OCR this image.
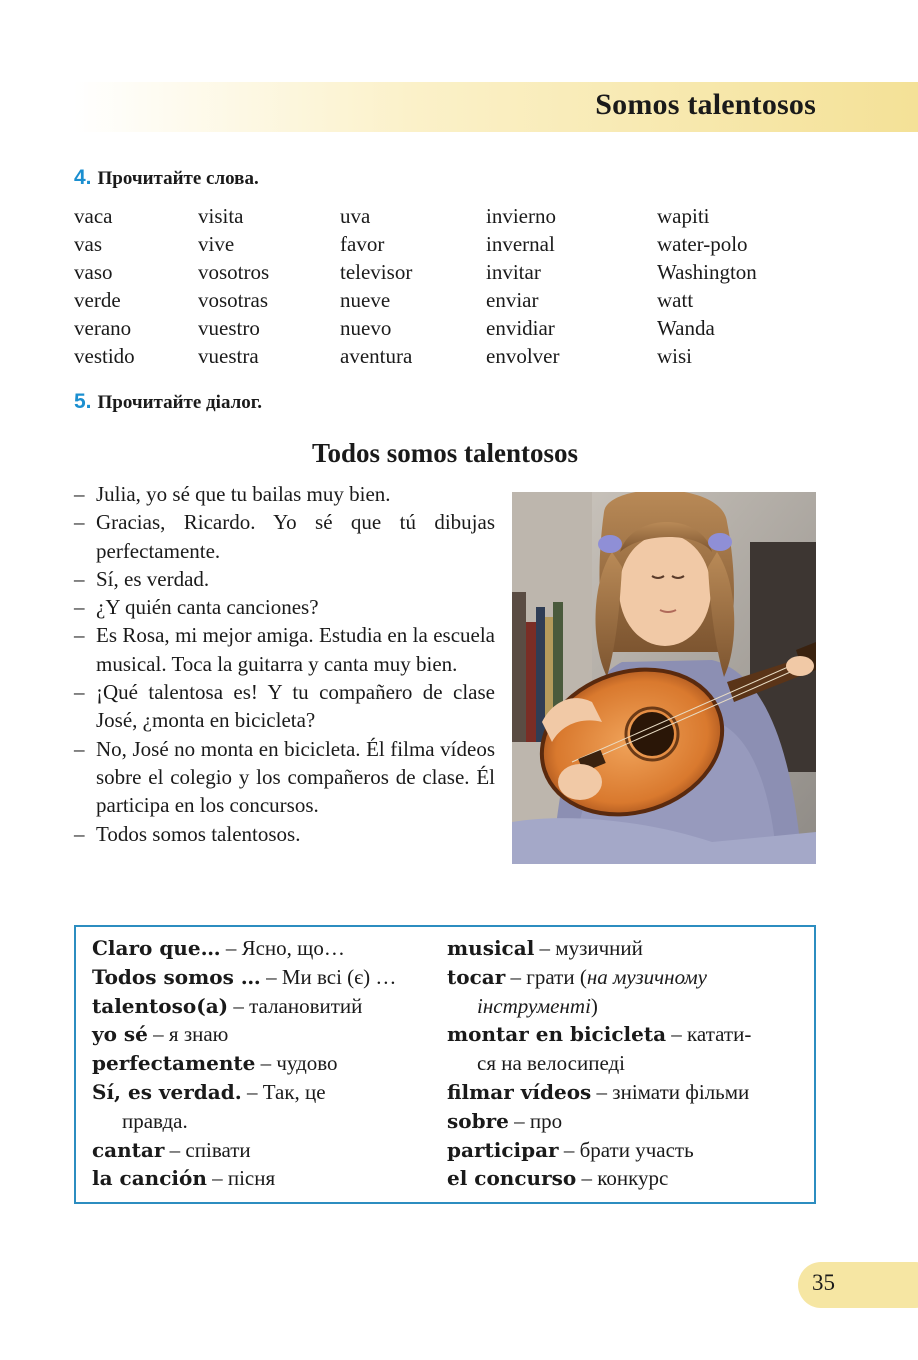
Somos talentosos
4. Прочитайте слова.
vaca
vas
vaso
verde
verano
vestido
visita
vive
vosotros
vosotras
vuestro
vuestra
uva
favor
televisor
nueve
nuevo
aventura
invierno
invernal
invitar
enviar
envidiar
envolver
wapiti
water-polo
Washington
watt
Wanda
wisi
5. Прочитайте діалог.
Todos somos talentosos
– Julia, yo sé que tu bailas muy bien.
– Gracias, Ricardo. Yo sé que tú dibujas perfectamente.
– Sí, es verdad.
– ¿Y quién canta canciones?
– Es Rosa, mi mejor amiga. Estudia en la escuela musical. Toca la guitarra y canta muy bien.
– ¡Qué talentosa es! Y tu compañero de clase José, ¿monta en bicicleta?
– No, José no monta en bicicleta. Él filma vídeos sobre el colegio y los compañeros de clase. Él participa en los concursos.
– Todos somos talentosos.
Claro que… – Ясно, що…
Todos somos … – Ми всі (є) …
talentoso(a) – талановитий
yo sé – я знаю
perfectamente – чудово
Sí, es verdad. – Так, це
правда.
cantar – співати
la canción – пісня
musical – музичний
tocar – грати (на музичному
інструменті)
montar en bicicleta – катати-
ся на велосипеді
filmar vídeos – знімати фільми
sobre – про
participar – брати участь
el concurso – конкурс
35
